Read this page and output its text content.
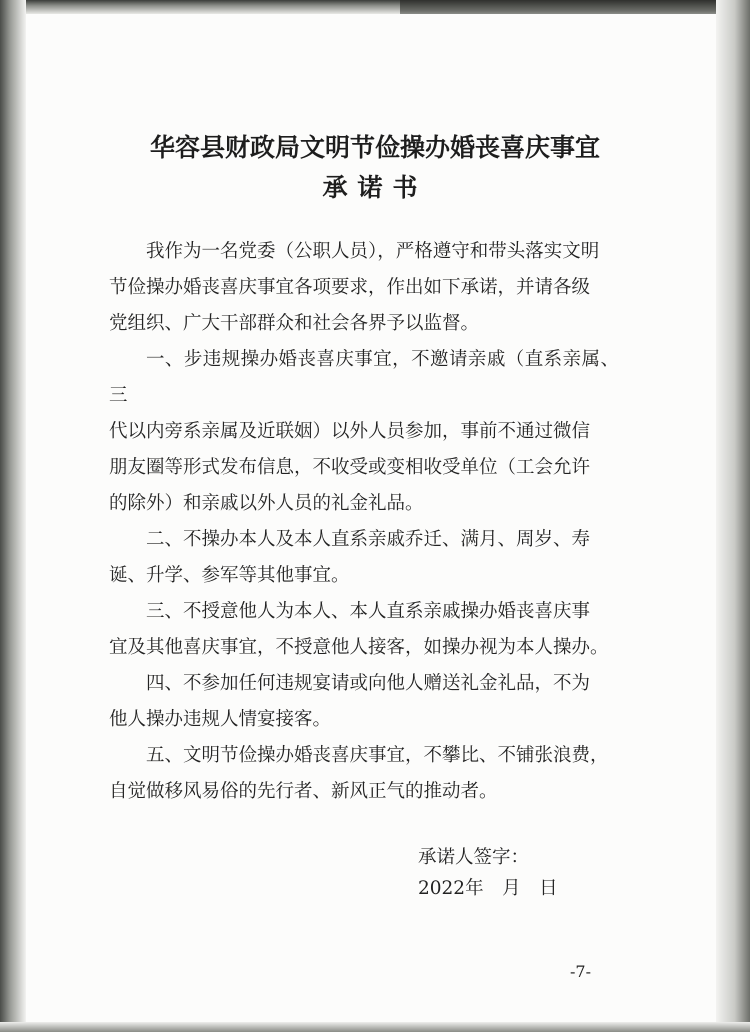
华容县财政局文明节俭操办婚丧喜庆事宜
承诺书
我作为一名党委（公职人员），严格遵守和带头落实文明
节俭操办婚丧喜庆事宜各项要求，作出如下承诺，并请各级
党组织、广大干部群众和社会各界予以监督。
一、步违规操办婚丧喜庆事宜，不邀请亲戚（直系亲属、三
代以内旁系亲属及近联姻）以外人员参加，事前不通过微信
朋友圈等形式发布信息，不收受或变相收受单位（工会允许
的除外）和亲戚以外人员的礼金礼品。
二、不操办本人及本人直系亲戚乔迁、满月、周岁、寿
诞、升学、参军等其他事宜。
三、不授意他人为本人、本人直系亲戚操办婚丧喜庆事
宜及其他喜庆事宜，不授意他人接客，如操办视为本人操办。
四、不参加任何违规宴请或向他人赠送礼金礼品，不为
他人操办违规人情宴接客。
五、文明节俭操办婚丧喜庆事宜，不攀比、不铺张浪费，
自觉做移风易俗的先行者、新风正气的推动者。
承诺人签字：
2022年　月　日
-7-
